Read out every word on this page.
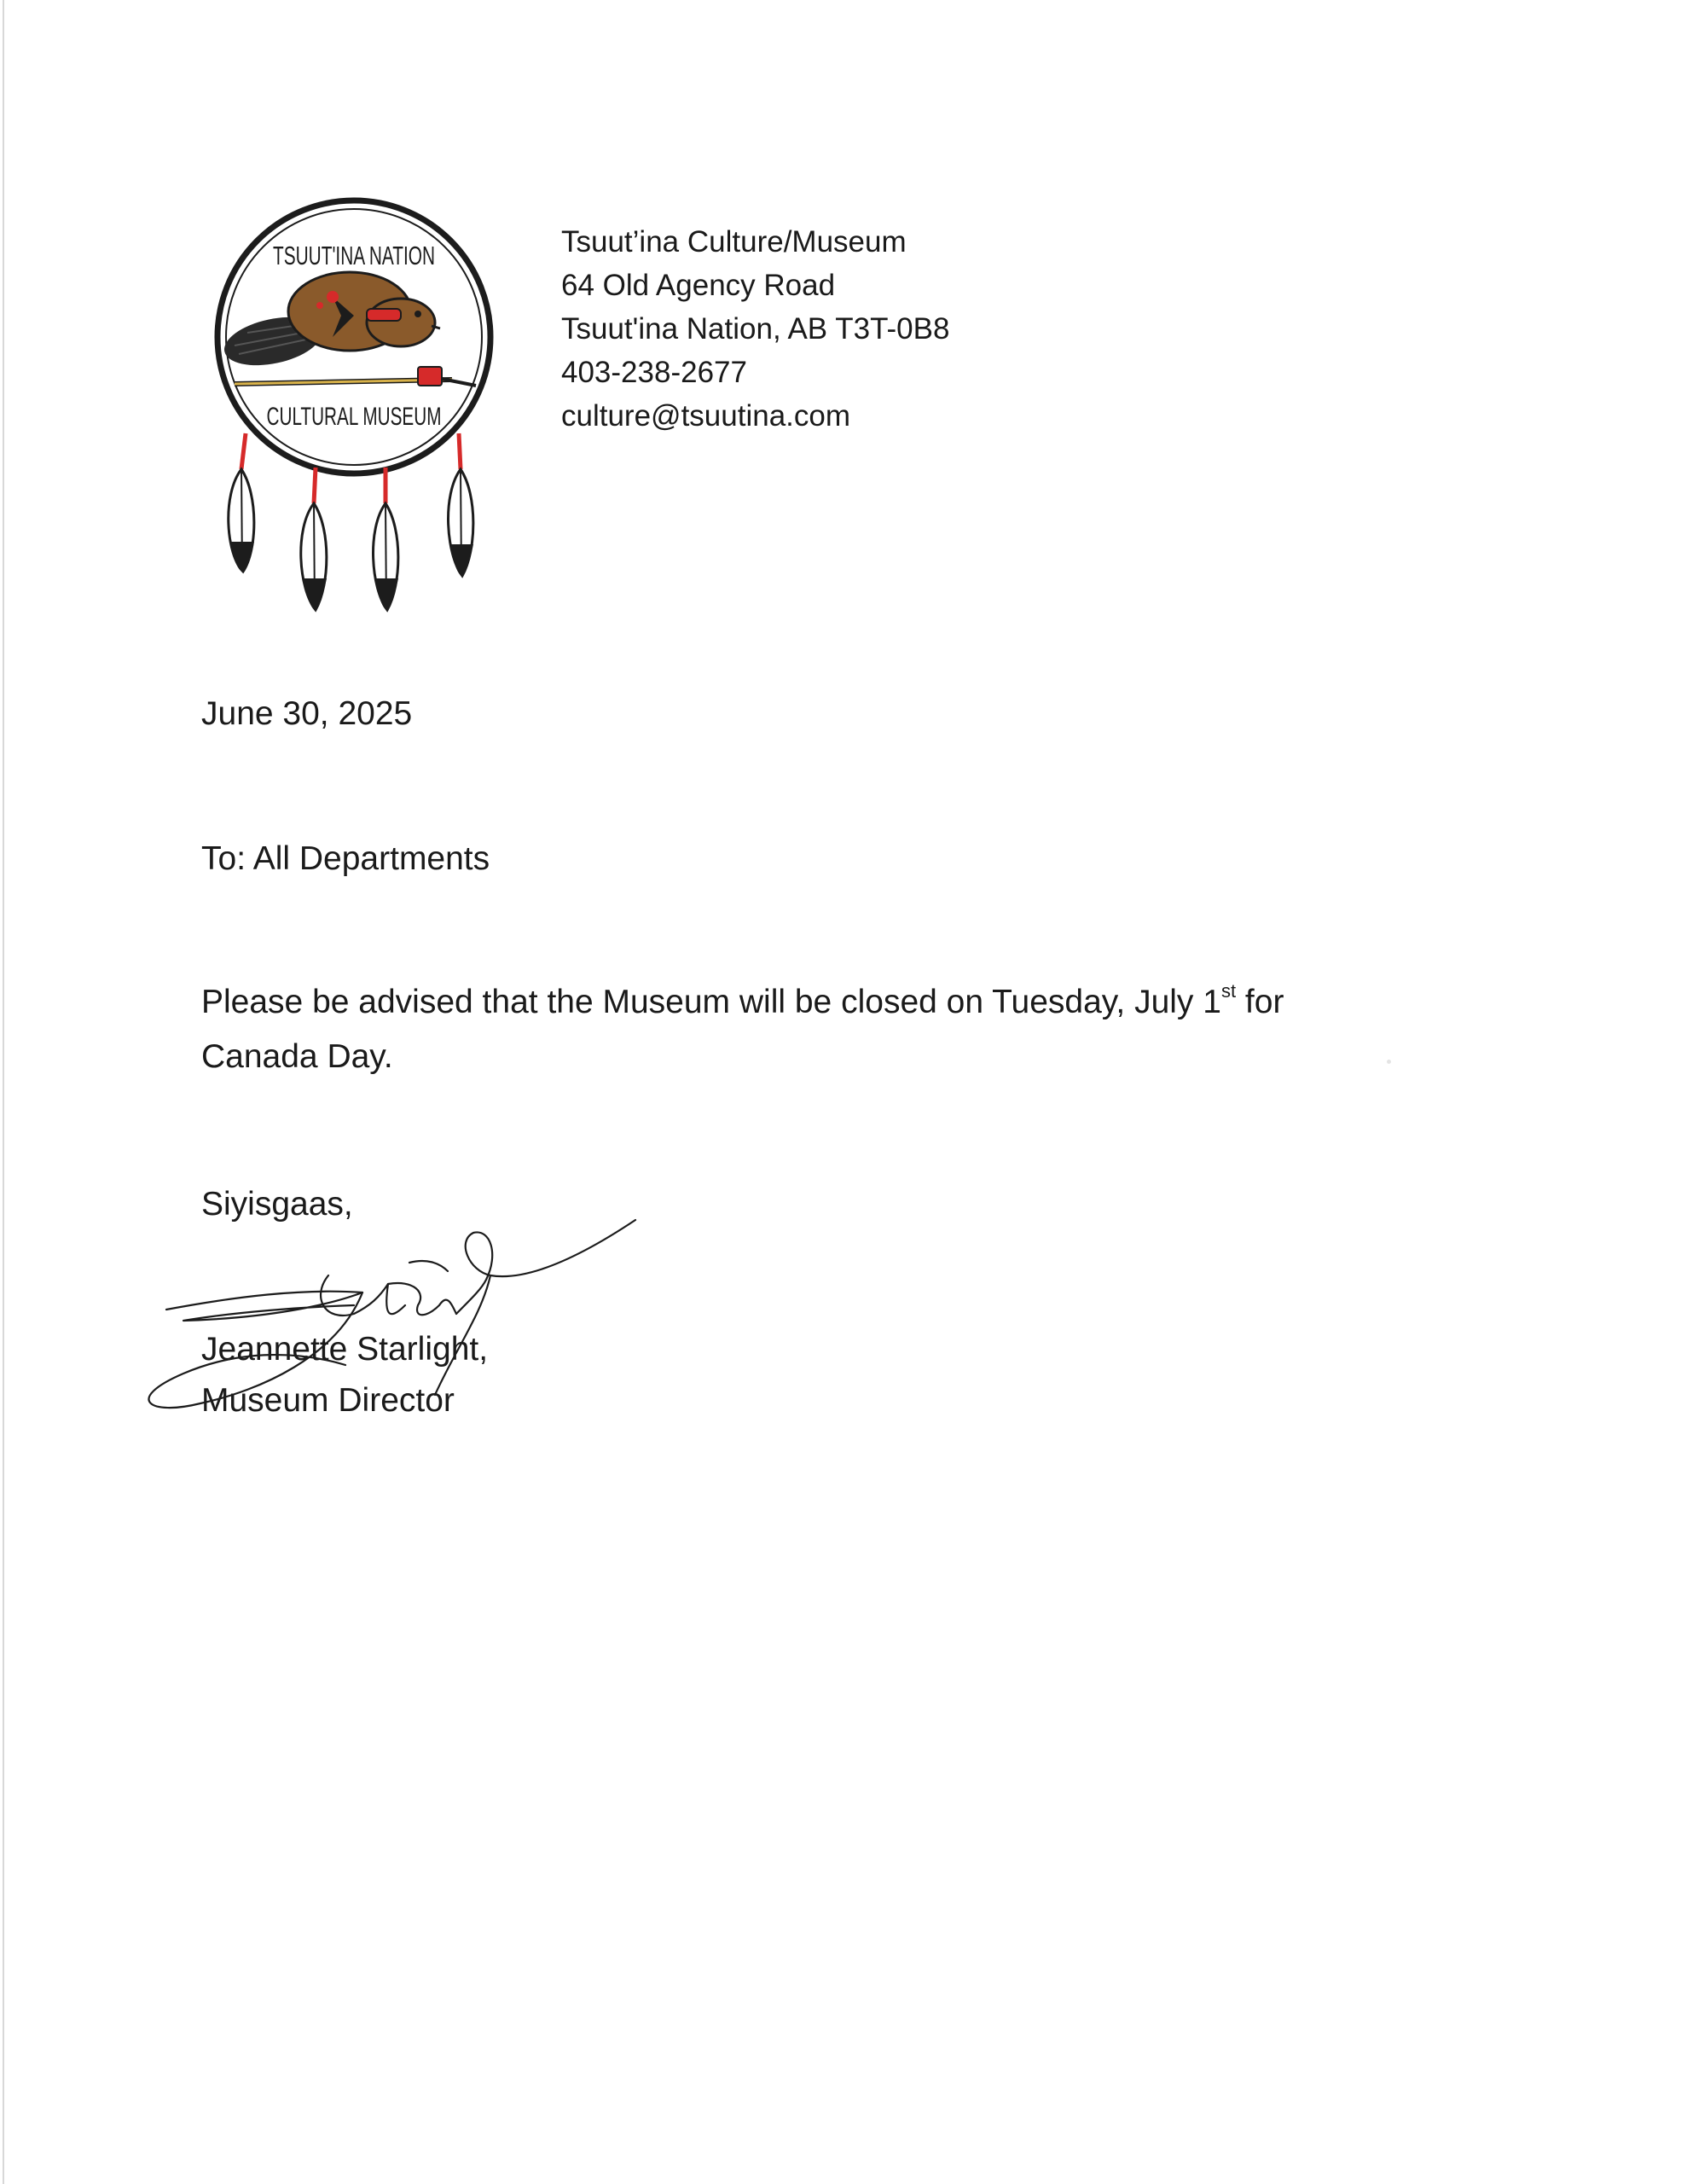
TSUUT'INA NATION
CULTURAL MUSEUM
Tsuut’ina Culture/Museum
64 Old Agency Road
Tsuut'ina Nation, AB T3T-0B8
403-238-2677
culture@tsuutina.com
June 30, 2025
To: All Departments
Please be advised that the Museum will be closed on Tuesday, July 1st for
Canada Day.
Siyisgaas,
Jeannette Starlight,
Museum Director
